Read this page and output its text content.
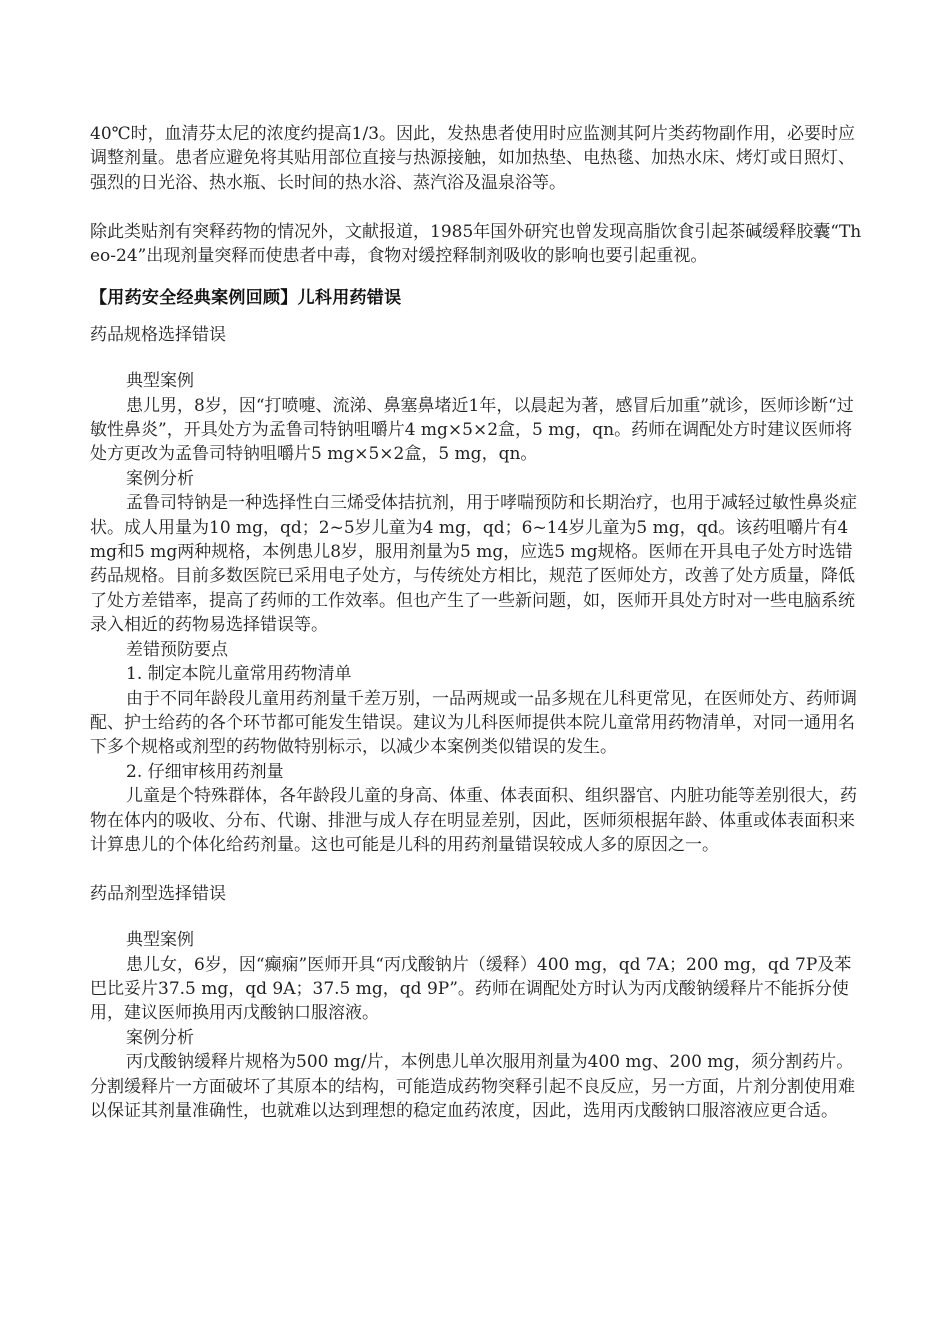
40℃时，血清芬太尼的浓度约提高1/3。因此，发热患者使用时应监测其阿片类药物副作用，必要时应调整剂量。患者应避免将其贴用部位直接与热源接触，如加热垫、电热毯、加热水床、烤灯或日照灯、强烈的日光浴、热水瓶、长时间的热水浴、蒸汽浴及温泉浴等。

除此类贴剂有突释药物的情况外，文献报道，1985年国外研究也曾发现高脂饮食引起茶碱缓释胶囊“Theo-24”出现剂量突释而使患者中毒，食物对缓控释制剂吸收的影响也要引起重视。

【用药安全经典案例回顾】儿科用药错误

药品规格选择错误

典型案例

患儿男，8岁，因“打喷嚏、流涕、鼻塞鼻堵近1年，以晨起为著，感冒后加重”就诊，医师诊断“过敏性鼻炎”，开具处方为孟鲁司特钠咀嚼片4 mg×5×2盒，5 mg，qn。药师在调配处方时建议医师将处方更改为孟鲁司特钠咀嚼片5 mg×5×2盒，5 mg，qn。

案例分析

孟鲁司特钠是一种选择性白三烯受体拮抗剂，用于哮喘预防和长期治疗，也用于减轻过敏性鼻炎症状。成人用量为10 mg，qd；2~5岁儿童为4 mg，qd；6~14岁儿童为5 mg，qd。该药咀嚼片有4 mg和5 mg两种规格，本例患儿8岁，服用剂量为5 mg，应选5 mg规格。医师在开具电子处方时选错药品规格。目前多数医院已采用电子处方，与传统处方相比，规范了医师处方，改善了处方质量，降低了处方差错率，提高了药师的工作效率。但也产生了一些新问题，如，医师开具处方时对一些电脑系统录入相近的药物易选择错误等。

差错预防要点

1. 制定本院儿童常用药物清单

由于不同年龄段儿童用药剂量千差万别，一品两规或一品多规在儿科更常见，在医师处方、药师调配、护士给药的各个环节都可能发生错误。建议为儿科医师提供本院儿童常用药物清单，对同一通用名下多个规格或剂型的药物做特别标示，以减少本案例类似错误的发生。

2. 仔细审核用药剂量

儿童是个特殊群体，各年龄段儿童的身高、体重、体表面积、组织器官、内脏功能等差别很大，药物在体内的吸收、分布、代谢、排泄与成人存在明显差别，因此，医师须根据年龄、体重或体表面积来计算患儿的个体化给药剂量。这也可能是儿科的用药剂量错误较成人多的原因之一。

药品剂型选择错误

典型案例

患儿女，6岁，因“癫痫”医师开具“丙戊酸钠片（缓释）400 mg，qd 7A；200 mg，qd 7P及苯巴比妥片37.5 mg，qd 9A；37.5 mg，qd 9P”。药师在调配处方时认为丙戊酸钠缓释片不能拆分使用，建议医师换用丙戊酸钠口服溶液。

案例分析

丙戊酸钠缓释片规格为500 mg/片，本例患儿单次服用剂量为400 mg、200 mg，须分割药片。分割缓释片一方面破坏了其原本的结构，可能造成药物突释引起不良反应，另一方面，片剂分割使用难以保证其剂量准确性，也就难以达到理想的稳定血药浓度，因此，选用丙戊酸钠口服溶液应更合适。
